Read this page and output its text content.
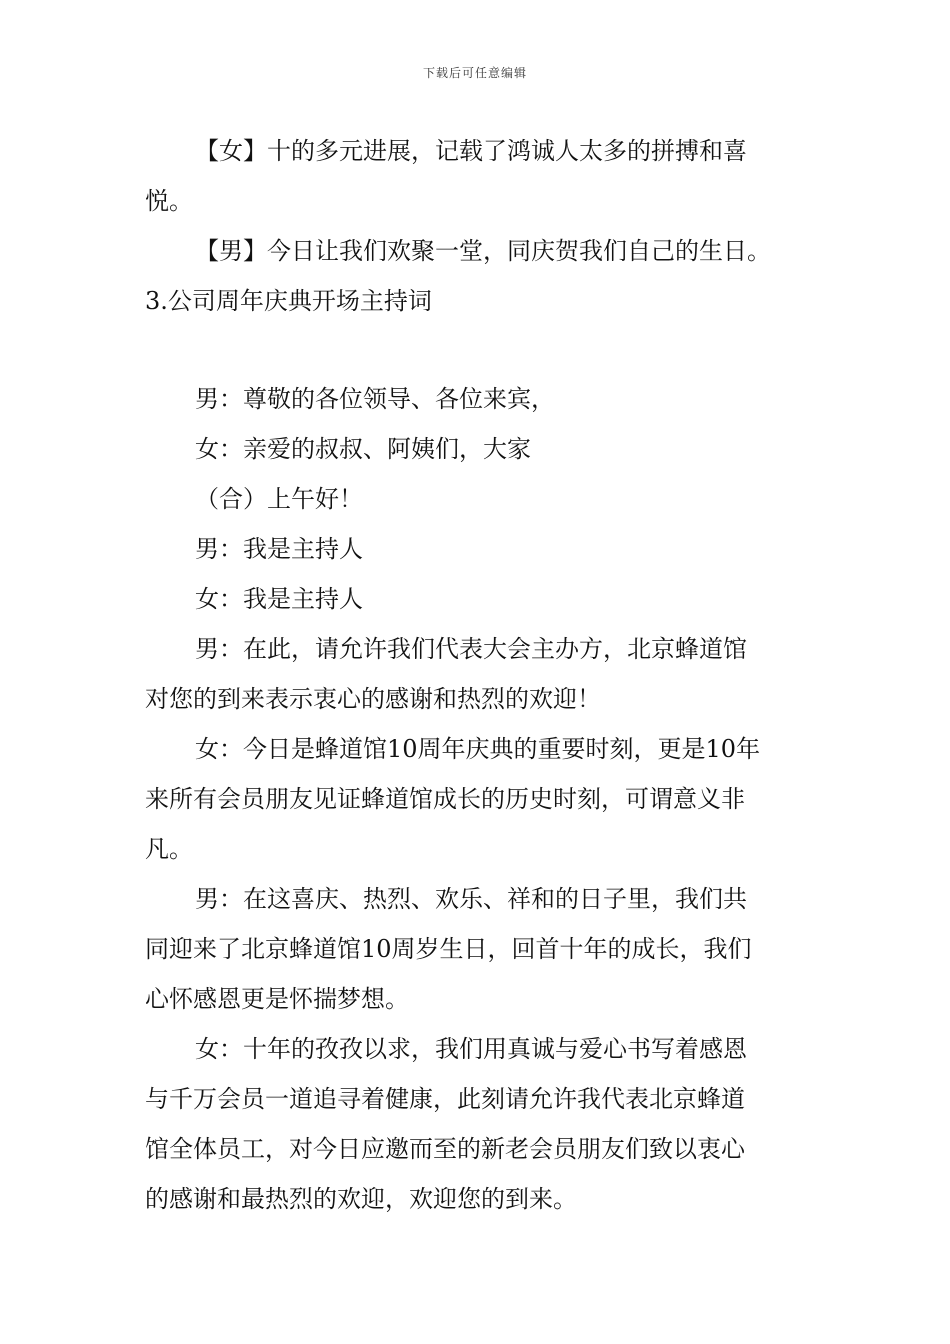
下载后可任意编辑
【女】十的多元进展，记载了鸿诚人太多的拼搏和喜
悦。
【男】今日让我们欢聚一堂，同庆贺我们自己的生日。
3.公司周年庆典开场主持词
男：尊敬的各位领导、各位来宾，
女：亲爱的叔叔、阿姨们，大家
（合）上午好！
男：我是主持人
女：我是主持人
男：在此，请允许我们代表大会主办方，北京蜂道馆
对您的到来表示衷心的感谢和热烈的欢迎！
女：今日是蜂道馆10周年庆典的重要时刻，更是10年
来所有会员朋友见证蜂道馆成长的历史时刻，可谓意义非
凡。
男：在这喜庆、热烈、欢乐、祥和的日子里，我们共
同迎来了北京蜂道馆10周岁生日，回首十年的成长，我们
心怀感恩更是怀揣梦想。
女：十年的孜孜以求，我们用真诚与爱心书写着感恩
与千万会员一道追寻着健康，此刻请允许我代表北京蜂道
馆全体员工，对今日应邀而至的新老会员朋友们致以衷心
的感谢和最热烈的欢迎，欢迎您的到来。
